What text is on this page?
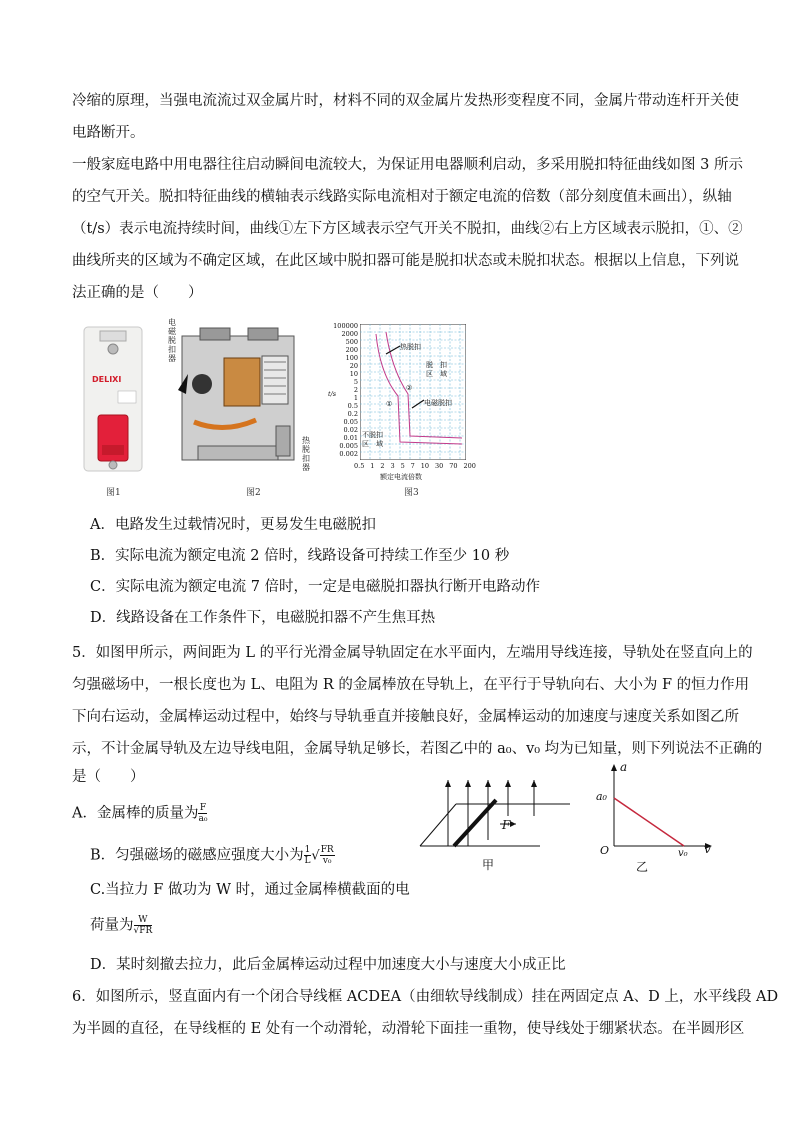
冷缩的原理，当强电流流过双金属片时，材料不同的双金属片发热形变程度不同，金属片带动连杆开关使
电路断开。
一般家庭电路中用电器往往启动瞬间电流较大，为保证用电器顺利启动，多采用脱扣特征曲线如图 3 所示
的空气开关。脱扣特征曲线的横轴表示线路实际电流相对于额定电流的倍数（部分刻度值未画出），纵轴
（t/s）表示电流持续时间，曲线①左下方区域表示空气开关不脱扣，曲线②右上方区域表示脱扣，①、②
曲线所夹的区域为不确定区域，在此区域中脱扣器可能是脱扣状态或未脱扣状态。根据以上信息，下列说
法正确的是（　　）
DELIXI
图1
电
磁
脱
扣
器
热
脱
扣
器
图2
100000
2000
500
200
100
20
10
5
2
1
0.5
0.2
0.05
0.02
0.01
0.005
0.002
t/s
热脱扣
脱　扣
区　域
电磁脱扣
不脱扣
区　域
①
②
0.5 1 2 3 5 7 10 30 70 200
额定电流倍数
图3
A．电路发生过载情况时，更易发生电磁脱扣
B．实际电流为额定电流 2 倍时，线路设备可持续工作至少 10 秒
C．实际电流为额定电流 7 倍时，一定是电磁脱扣器执行断开电路动作
D．线路设备在工作条件下，电磁脱扣器不产生焦耳热
5．如图甲所示，两间距为 L 的平行光滑金属导轨固定在水平面内，左端用导线连接，导轨处在竖直向上的
匀强磁场中，一根长度也为 L、电阻为 R 的金属棒放在导轨上，在平行于导轨向右、大小为 F 的恒力作用
下向右运动，金属棒运动过程中，始终与导轨垂直并接触良好，金属棒运动的加速度与速度关系如图乙所
示，不计金属导轨及左边导线电阻，金属导轨足够长，若图乙中的 a₀、v₀ 均为已知量，则下列说法不正确的
是（　　）
A．金属棒的质量为 $\frac{F}{\text{a₀}}$
B．匀强磁场的磁感应强度大小为 $\frac{1}{L}$ √ $\frac{FR}{\text{v₀}}$
C.当拉力 F 做功为 W 时，通过金属棒横截面的电
荷量为 $\frac{W}{√FR}$
D．某时刻撤去拉力，此后金属棒运动过程中加速度大小与速度大小成正比
F
甲
a
a₀
O	v₀ v
乙
6．如图所示，竖直面内有一个闭合导线框 ACDEA（由细软导线制成）挂在两固定点 A、D 上，水平线段 AD
为半圆的直径，在导线框的 E 处有一个动滑轮，动滑轮下面挂一重物，使导线处于绷紧状态。在半圆形区
